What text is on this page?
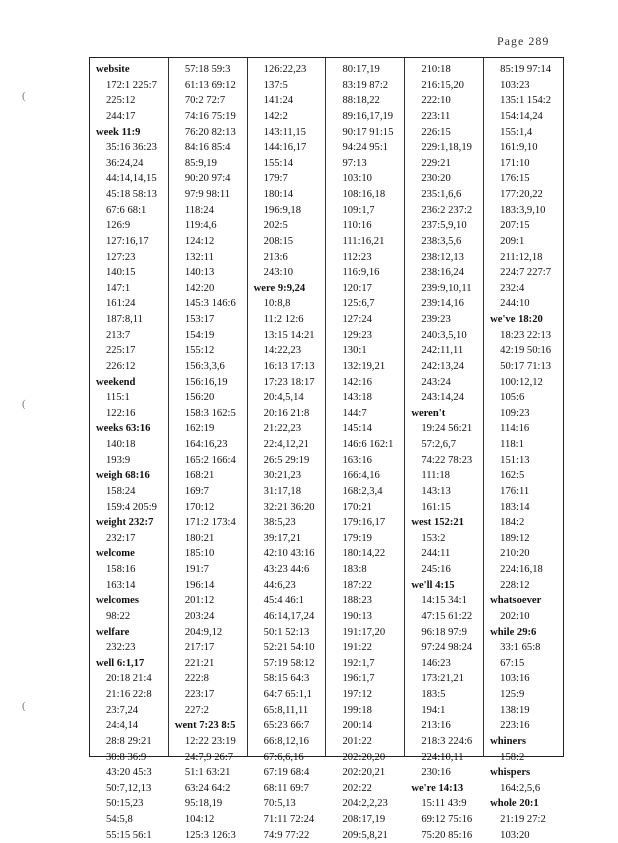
Page 289
(
(
(
website
172:1 225:7
225:12
244:17
week 11:9
35:16 36:23
36:24,24
44:14,14,15
45:18 58:13
67:6 68:1
126:9
127:16,17
127:23
140:15
147:1
161:24
187:8,11
213:7
225:17
226:12
weekend
115:1
122:16
weeks 63:16
140:18
193:9
weigh 68:16
158:24
159:4 205:9
weight 232:7
232:17
welcome
158:16
163:14
welcomes
98:22
welfare
232:23
well 6:1,17
20:18 21:4
21:16 22:8
23:7,24
24:4,14
28:8 29:21
30:8 36:9
43:20 45:3
50:7,12,13
50:15,23
54:5,8
55:15 56:1
57:18 59:3
61:13 69:12
70:2 72:7
74:16 75:19
76:20 82:13
84:16 85:4
85:9,19
90:20 97:4
97:9 98:11
118:24
119:4,6
124:12
132:11
140:13
142:20
145:3 146:6
153:17
154:19
155:12
156:3,3,6
156:16,19
156:20
158:3 162:5
162:19
164:16,23
165:2 166:4
168:21
169:7
170:12
171:2 173:4
180:21
185:10
191:7
196:14
201:12
203:24
204:9,12
217:17
221:21
222:8
223:17
227:2
went 7:23 8:5
12:22 23:19
24:7,9 26:7
51:1 63:21
63:24 64:2
95:18,19
104:12
125:3 126:3
126:22,23
137:5
141:24
142:2
143:11,15
144:16,17
155:14
179:7
180:14
196:9,18
202:5
208:15
213:6
243:10
were 9:9,24
10:8,8
11:2 12:6
13:15 14:21
14:22,23
16:13 17:13
17:23 18:17
20:4,5,14
20:16 21:8
21:22,23
22:4,12,21
26:5 29:19
30:21,23
31:17,18
32:21 36:20
38:5,23
39:17,21
42:10 43:16
43:23 44:6
44:6,23
45:4 46:1
46:14,17,24
50:1 52:13
52:21 54:10
57:19 58:12
58:15 64:3
64:7 65:1,1
65:8,11,11
65:23 66:7
66:8,12,16
67:6,6,16
67:19 68:4
68:11 69:7
70:5,13
71:11 72:24
74:9 77:22
80:17,19
83:19 87:2
88:18,22
89:16,17,19
90:17 91:15
94:24 95:1
97:13
103:10
108:16,18
109:1,7
110:16
111:16,21
112:23
116:9,16
120:17
125:6,7
127:24
129:23
130:1
132:19,21
142:16
143:18
144:7
145:14
146:6 162:1
163:16
166:4,16
168:2,3,4
170:21
179:16,17
179:19
180:14,22
183:8
187:22
188:23
190:13
191:17,20
191:22
192:1,7
196:1,7
197:12
199:18
200:14
201:22
202:20,20
202:20,21
202:22
204:2,2,23
208:17,19
209:5,8,21
210:18
216:15,20
222:10
223:11
226:15
229:1,18,19
229:21
230:20
235:1,6,6
236:2 237:2
237:5,9,10
238:3,5,6
238:12,13
238:16,24
239:9,10,11
239:14,16
239:23
240:3,5,10
242:11,11
242:13,24
243:24
243:14,24
weren't
19:24 56:21
57:2,6,7
74:22 78:23
111:18
143:13
161:15
west 152:21
153:2
244:11
245:16
we'll 4:15
14:15 34:1
47:15 61:22
96:18 97:9
97:24 98:24
146:23
173:21,21
183:5
194:1
213:16
218:3 224:6
224:10,11
230:16
we're 14:13
15:11 43:9
69:12 75:16
75:20 85:16
85:19 97:14
103:23
135:1 154:2
154:14,24
155:1,4
161:9,10
171:10
176:15
177:20,22
183:3,9,10
207:15
209:1
211:12,18
224:7 227:7
232:4
244:10
we've 18:20
18:23 22:13
42:19 50:16
50:17 71:13
100:12,12
105:6
109:23
114:16
118:1
151:13
162:5
176:11
183:14
184:2
189:12
210:20
224:16,18
228:12
whatsoever
202:10
while 29:6
33:1 65:8
67:15
103:16
125:9
138:19
223:16
whiners
158:2
whispers
164:2,5,6
whole 20:1
21:19 27:2
103:20
